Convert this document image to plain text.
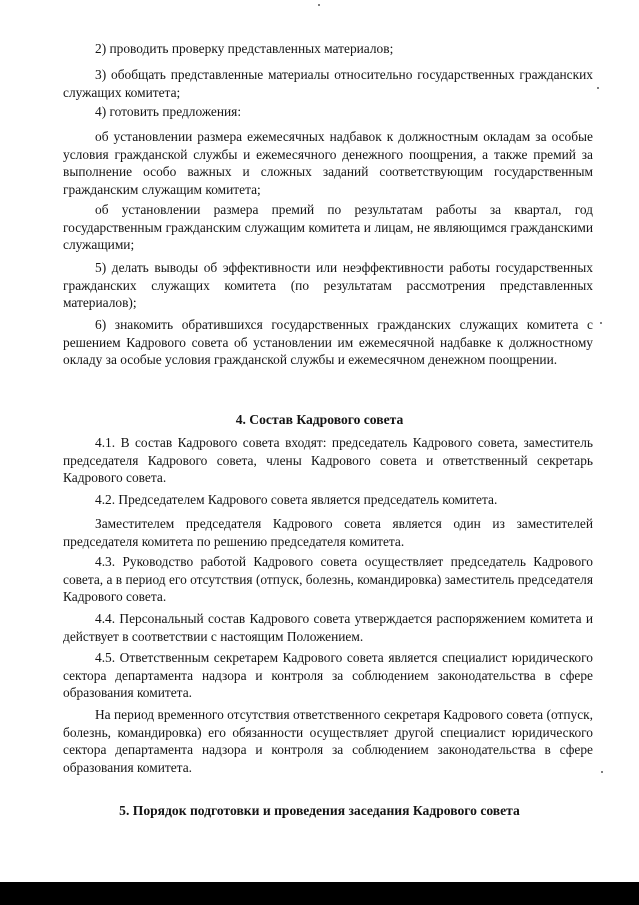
2) проводить проверку представленных материалов;

3) обобщать представленные материалы относительно государственных гражданских служащих комитета;

4) готовить предложения:

об установлении размера ежемесячных надбавок к должностным окладам за особые условия гражданской службы и ежемесячного денежного поощрения, а также премий за выполнение особо важных и сложных заданий соответствующим государственным гражданским служащим комитета;

об установлении размера премий по результатам работы за квартал, год государственным гражданским служащим комитета и лицам, не являющимся гражданскими служащими;

5) делать выводы об эффективности или неэффективности работы государственных гражданских служащих комитета (по результатам рассмотрения представленных материалов);

6) знакомить обратившихся государственных гражданских служащих комитета с решением Кадрового совета об установлении им ежемесячной надбавке к должностному окладу за особые условия гражданской службы и ежемесячном денежном поощрении.

4. Состав Кадрового совета

4.1. В состав Кадрового совета входят: председатель Кадрового совета, заместитель председателя Кадрового совета, члены Кадрового совета и ответственный секретарь Кадрового совета.

4.2. Председателем Кадрового совета является председатель комитета.

Заместителем председателя Кадрового совета является один из заместителей председателя комитета по решению председателя комитета.

4.3. Руководство работой Кадрового совета осуществляет председатель Кадрового совета, а в период его отсутствия (отпуск, болезнь, командировка) заместитель председателя Кадрового совета.

4.4. Персональный состав Кадрового совета утверждается распоряжением комитета и действует в соответствии с настоящим Положением.

4.5. Ответственным секретарем Кадрового совета является специалист юридического сектора департамента надзора и контроля за соблюдением законодательства в сфере образования комитета.

На период временного отсутствия ответственного секретаря Кадрового совета (отпуск, болезнь, командировка) его обязанности осуществляет другой специалист юридического сектора департамента надзора и контроля за соблюдением законодательства в сфере образования комитета.

5. Порядок подготовки и проведения заседания Кадрового совета
